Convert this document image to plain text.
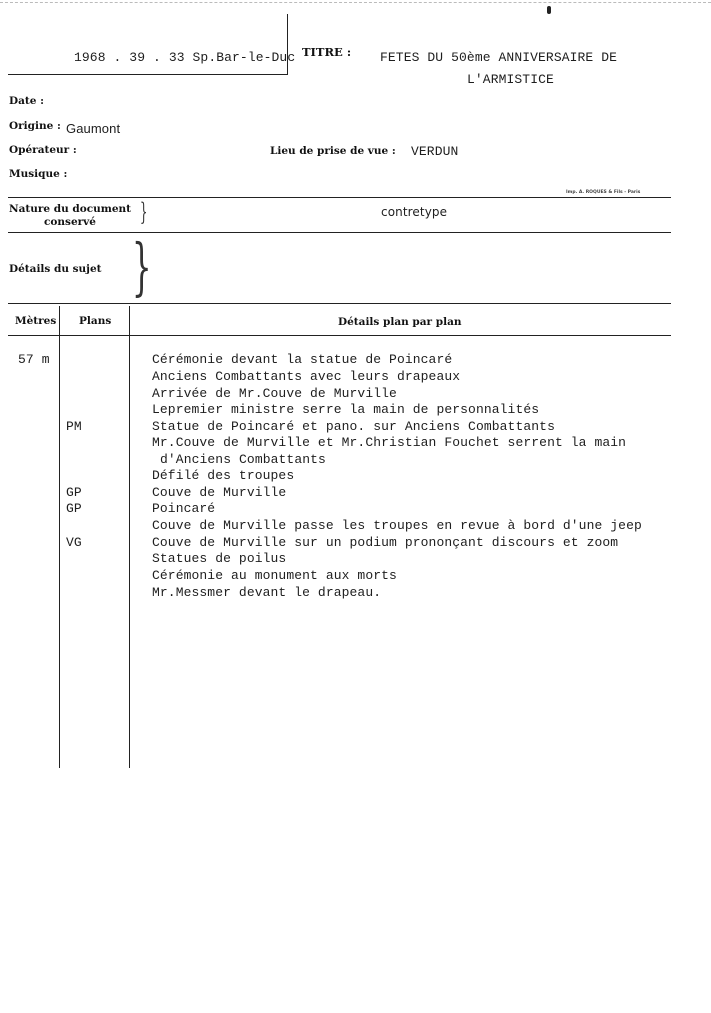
1968 . 39 . 33 Sp.Bar-le-Duc TITRE : FETES DU 50ème ANNIVERSAIRE DE
L'ARMISTICE
Date :
Origine : Gaumont
Opérateur :	Lieu de prise de vue : VERDUN
Musique :
Imp. A. ROQUES & Fils - Paris
Nature du document
conservé }	contretype
Détails du sujet }
Mètres Plans	Détails plan par plan
57 m	Cérémonie devant la statue de Poincaré
Anciens Combattants avec leurs drapeaux
Arrivée de Mr.Couve de Murville
Lepremier ministre serre la main de personnalités
PM	Statue de Poincaré et pano. sur Anciens Combattants
Mr.Couve de Murville et Mr.Christian Fouchet serrent la main
d'Anciens Combattants
Défilé des troupes
GP	Couve de Murville
GP	Poincaré
Couve de Murville passe les troupes en revue à bord d'une jeep
VG	Couve de Murville sur un podium prononçant discours et zoom
Statues de poilus
Cérémonie au monument aux morts
Mr.Messmer devant le drapeau.
